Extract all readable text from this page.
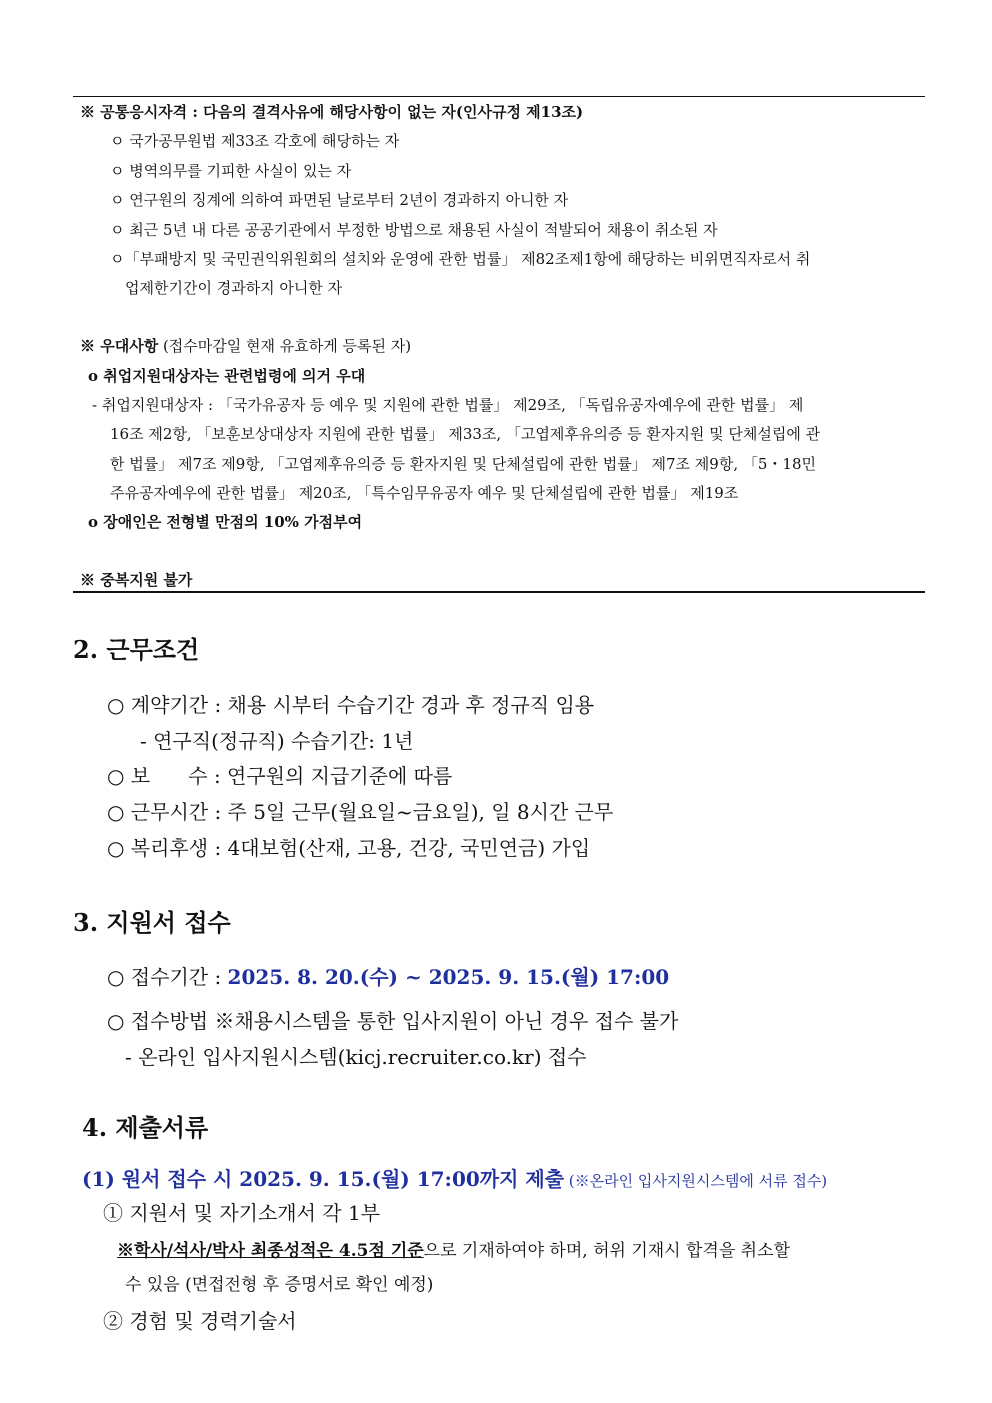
※ 공통응시자격 : 다음의 결격사유에 해당사항이 없는 자(인사규정 제13조)
ㅇ 국가공무원법 제33조 각호에 해당하는 자
ㅇ 병역의무를 기피한 사실이 있는 자
ㅇ 연구원의 징계에 의하여 파면된 날로부터 2년이 경과하지 아니한 자
ㅇ 최근 5년 내 다른 공공기관에서 부정한 방법으로 채용된 사실이 적발되어 채용이 취소된 자
ㅇ「부패방지 및 국민권익위원회의 설치와 운영에 관한 법률」 제82조제1항에 해당하는 비위면직자로서 취
업제한기간이 경과하지 아니한 자
※ 우대사항 (접수마감일 현재 유효하게 등록된 자)
o 취업지원대상자는 관련법령에 의거 우대
- 취업지원대상자 : 「국가유공자 등 예우 및 지원에 관한 법률」 제29조, 「독립유공자예우에 관한 법률」 제
16조 제2항, 「보훈보상대상자 지원에 관한 법률」 제33조, 「고엽제후유의증 등 환자지원 및 단체설립에 관
한 법률」 제7조 제9항, 「고엽제후유의증 등 환자지원 및 단체설립에 관한 법률」 제7조 제9항, 「5・18민
주유공자예우에 관한 법률」 제20조, 「특수임무유공자 예우 및 단체설립에 관한 법률」 제19조
o 장애인은 전형별 만점의 10% 가점부여
※ 중복지원 불가
2. 근무조건
○ 계약기간 : 채용 시부터 수습기간 경과 후 정규직 임용
- 연구직(정규직) 수습기간: 1년
○ 보      수 : 연구원의 지급기준에 따름
○ 근무시간 : 주 5일 근무(월요일~금요일), 일 8시간 근무
○ 복리후생 : 4대보험(산재, 고용, 건강, 국민연금) 가입
3. 지원서 접수
○ 접수기간 : 2025. 8. 20.(수) ~ 2025. 9. 15.(월) 17:00
○ 접수방법 ※채용시스템을 통한 입사지원이 아닌 경우 접수 불가
- 온라인 입사지원시스템(kicj.recruiter.co.kr) 접수
4. 제출서류
(1) 원서 접수 시 2025. 9. 15.(월) 17:00까지 제출 (※온라인 입사지원시스템에 서류 접수)
① 지원서 및 자기소개서 각 1부
※학사/석사/박사 최종성적은 4.5점 기준으로 기재하여야 하며, 허위 기재시 합격을 취소할
수 있음 (면접전형 후 증명서로 확인 예정)
② 경험 및 경력기술서
